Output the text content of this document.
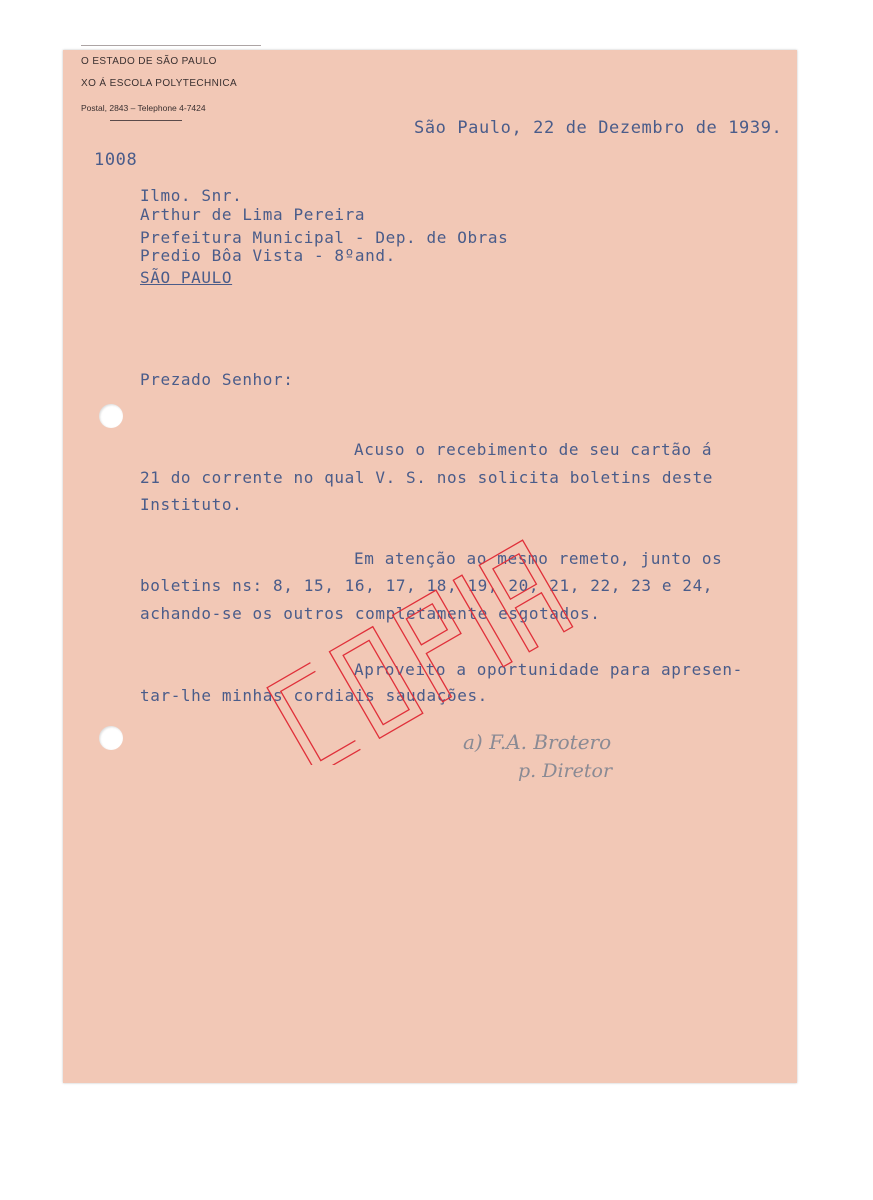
O ESTADO DE SÃO PAULO
XO Á ESCOLA POLYTECHNICA
Postal, 2843 – Telephone 4-7424
São Paulo, 22 de Dezembro de 1939.
1008
Ilmo. Snr.
Arthur de Lima Pereira
Prefeitura Municipal - Dep. de Obras
Predio Bôa Vista - 8ºand.
SÃO PAULO
Prezado Senhor:
Acuso o recebimento de seu cartão á
21 do corrente no qual V. S. nos solicita boletins deste
Instituto.
Em atenção ao mesmo remeto, junto os
boletins ns: 8, 15, 16, 17, 18, 19, 20, 21, 22, 23 e 24,
achando-se os outros completamente esgotados.
Aproveito a oportunidade para apresen-
tar-lhe minhas cordiais saudações.
a) F.A. Brotero
p. Diretor
